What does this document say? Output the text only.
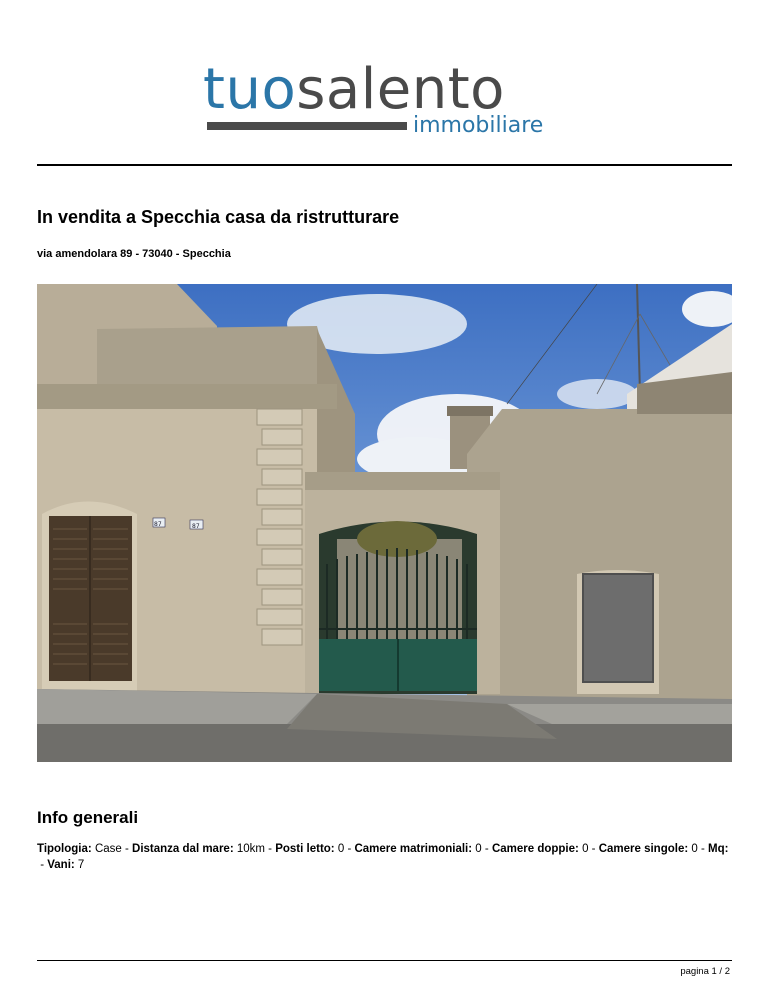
tuosalento
immobiliare
In vendita a Specchia casa da ristrutturare
via amendolara 89 - 73040 - Specchia
87	87
Info generali
Tipologia: Case - Distanza dal mare: 10km - Posti letto: 0 - Camere matrimoniali: 0 - Camere doppie: 0 - Camere singole: 0 - Mq:  - Vani: 7
pagina 1 / 2
